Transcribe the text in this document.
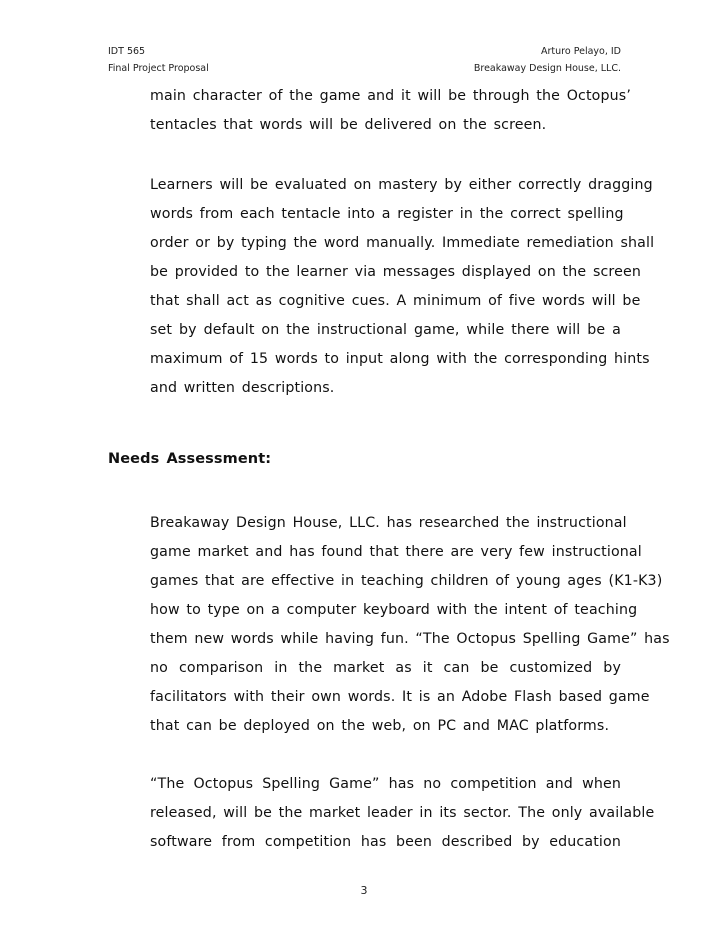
IDT 565
Final Project Proposal
Arturo Pelayo, ID
Breakaway Design House, LLC.
main character of the game and it will be through the Octopus’
tentacles that words will be delivered on the screen.
Learners will be evaluated on mastery by either correctly dragging
words from each tentacle into a register in the correct spelling
order or by typing the word manually. Immediate remediation shall
be provided to the learner via messages displayed on the screen
that shall act as cognitive cues. A minimum of five words will be
set by default on the instructional game, while there will be a
maximum of 15 words to input along with the corresponding hints
and written descriptions.
Needs Assessment:
Breakaway Design House, LLC. has researched the instructional
game market and has found that there are very few instructional
games that are effective in teaching children of young ages (K1-K3)
how to type on a computer keyboard with the intent of teaching
them new words while having fun. “The Octopus Spelling Game” has
no comparison in the market as it can be customized by
facilitators with their own words. It is an Adobe Flash based game
that can be deployed on the web, on PC and MAC platforms.
“The Octopus Spelling Game” has no competition and when
released, will be the market leader in its sector. The only available
software from competition has been described by education
3
